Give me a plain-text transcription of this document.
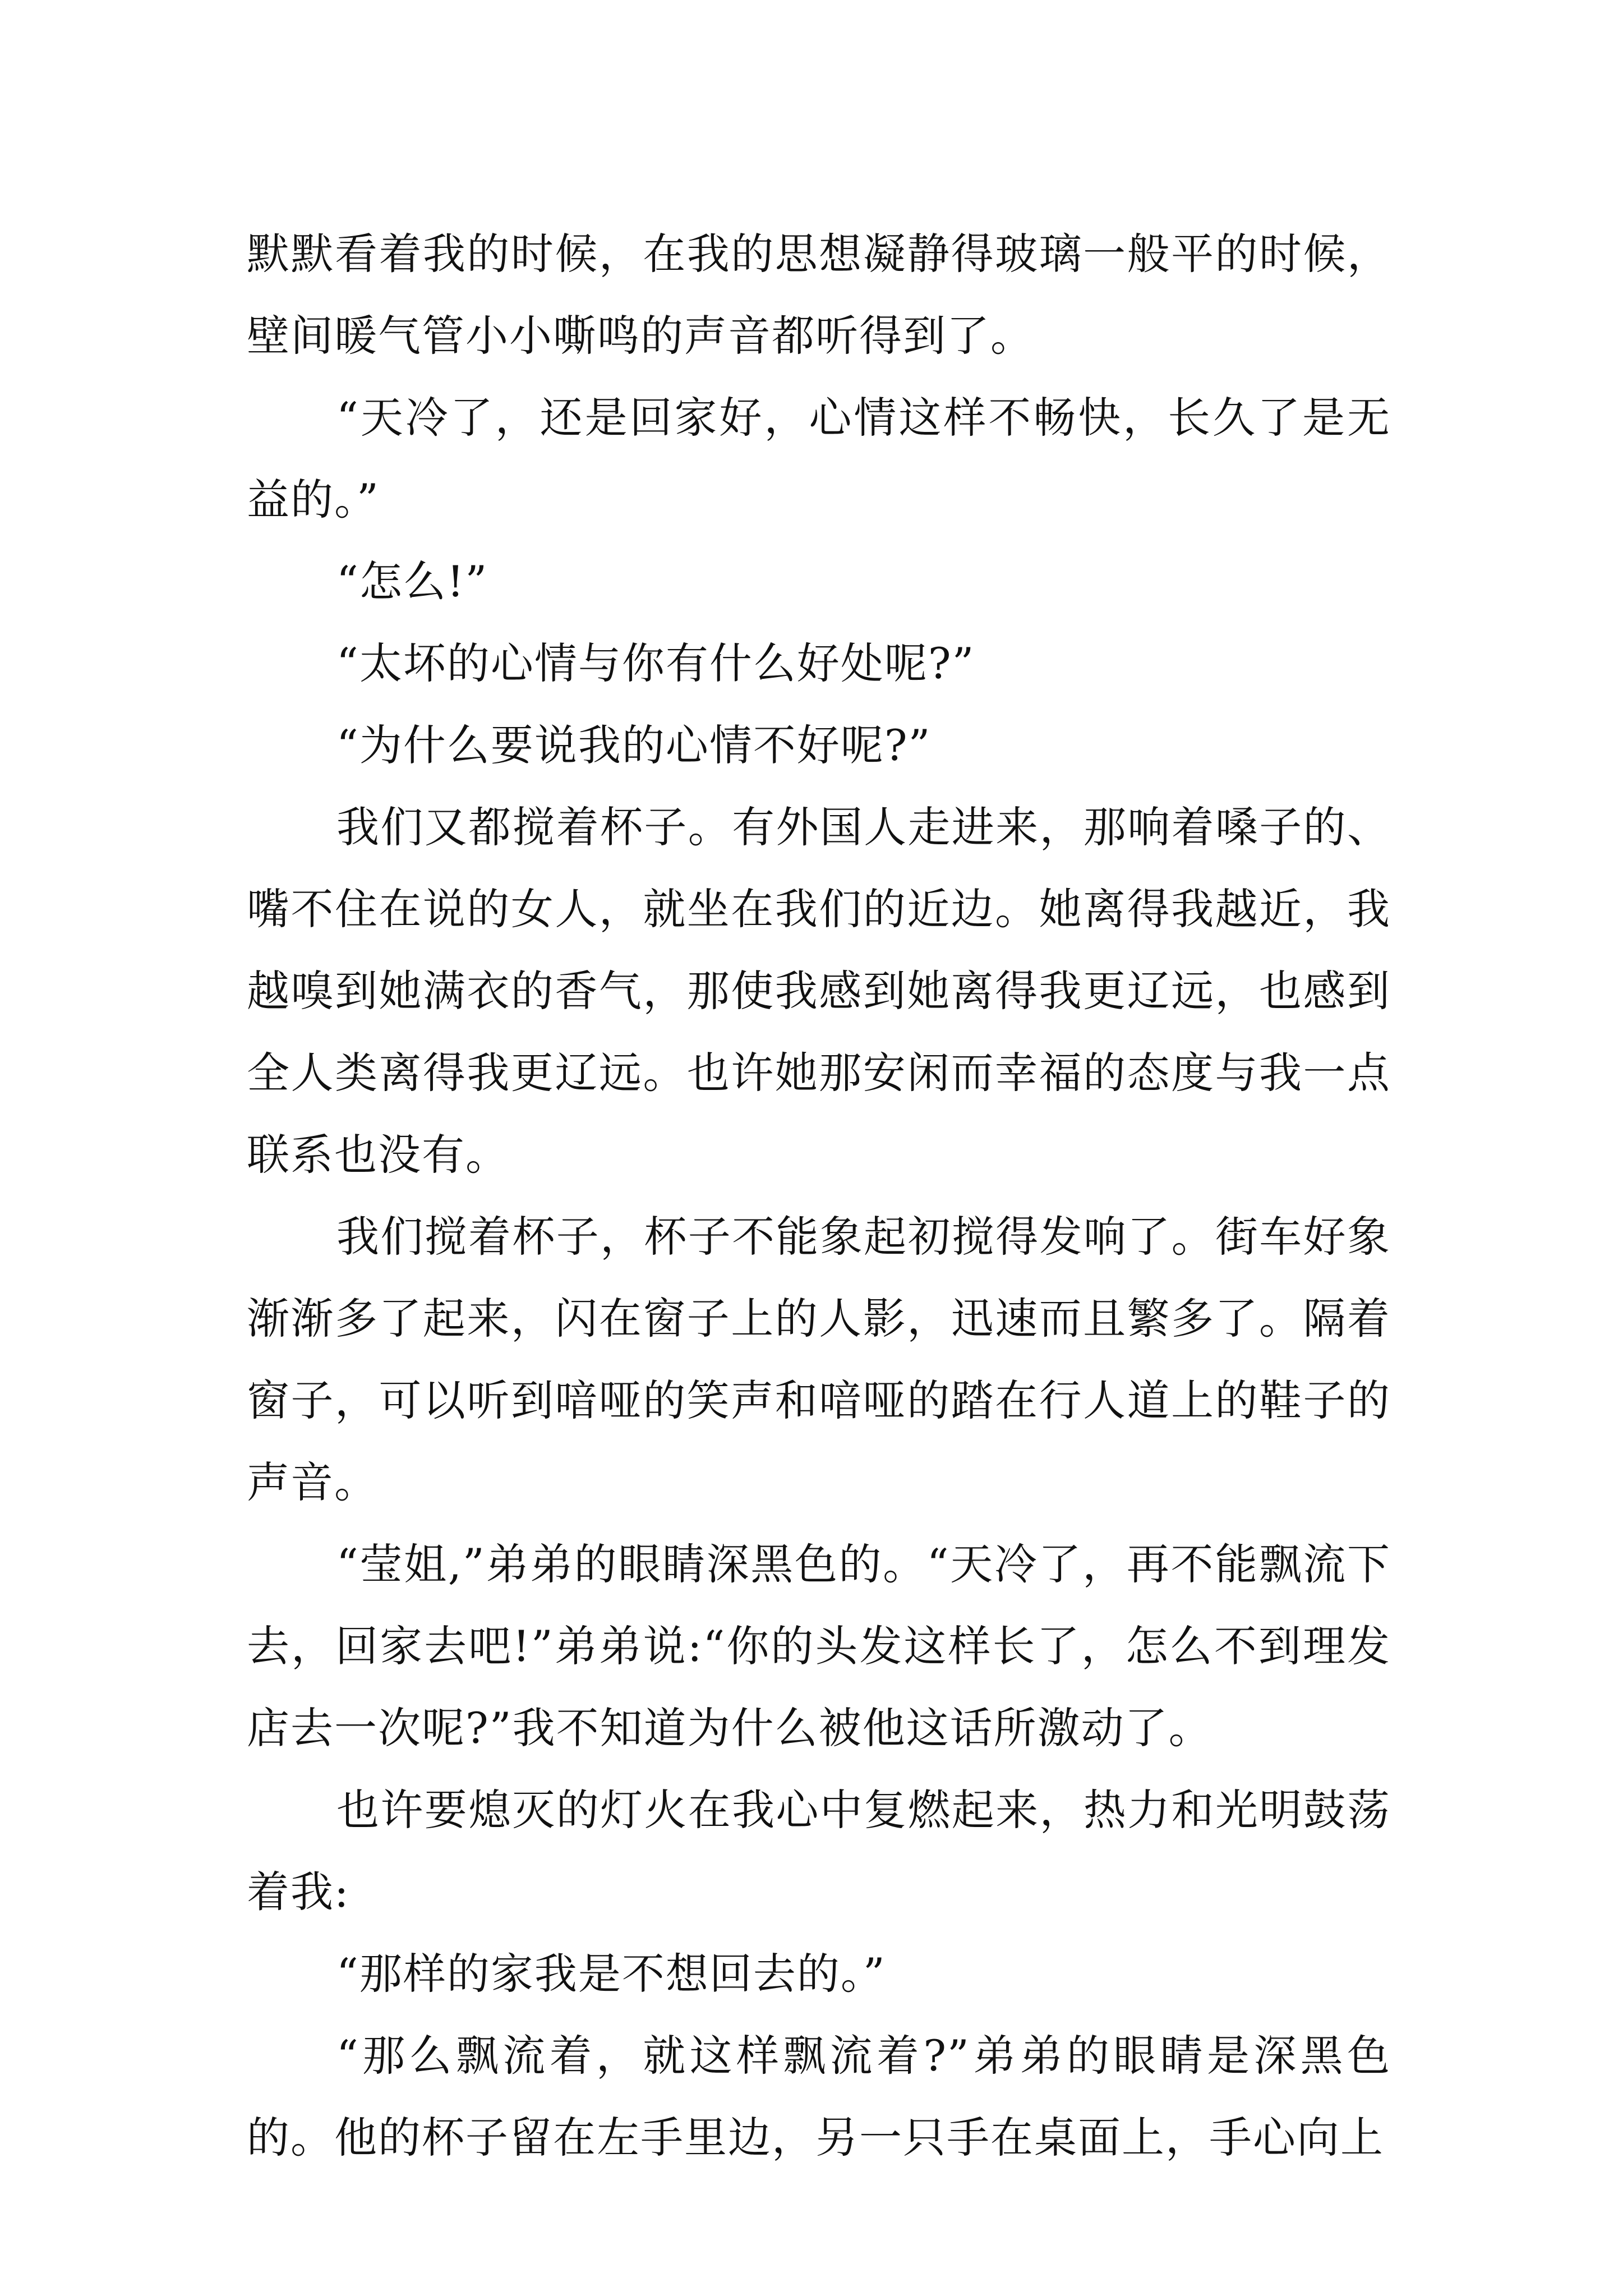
默默看着我的时候，在我的思想凝静得玻璃一般平的时候，壁间暖气管小小嘶鸣的声音都听得到了。

“天冷了，还是回家好，心情这样不畅快，长久了是无益的。”

“怎么!”

“太坏的心情与你有什么好处呢?”

“为什么要说我的心情不好呢?”

我们又都搅着杯子。有外国人走进来，那响着嗓子的、嘴不住在说的女人，就坐在我们的近边。她离得我越近，我越嗅到她满衣的香气，那使我感到她离得我更辽远，也感到全人类离得我更辽远。也许她那安闲而幸福的态度与我一点联系也没有。

我们搅着杯子，杯子不能象起初搅得发响了。街车好象渐渐多了起来，闪在窗子上的人影，迅速而且繁多了。隔着窗子，可以听到喑哑的笑声和喑哑的踏在行人道上的鞋子的声音。

“莹姐,”弟弟的眼睛深黑色的。“天冷了，再不能飘流下去，回家去吧!”弟弟说:“你的头发这样长了，怎么不到理发店去一次呢?”我不知道为什么被他这话所激动了。

也许要熄灭的灯火在我心中复燃起来，热力和光明鼓荡着我:

“那样的家我是不想回去的。”

“那么飘流着，就这样飘流着?”弟弟的眼睛是深黑色的。他的杯子留在左手里边，另一只手在桌面上，手心向上
